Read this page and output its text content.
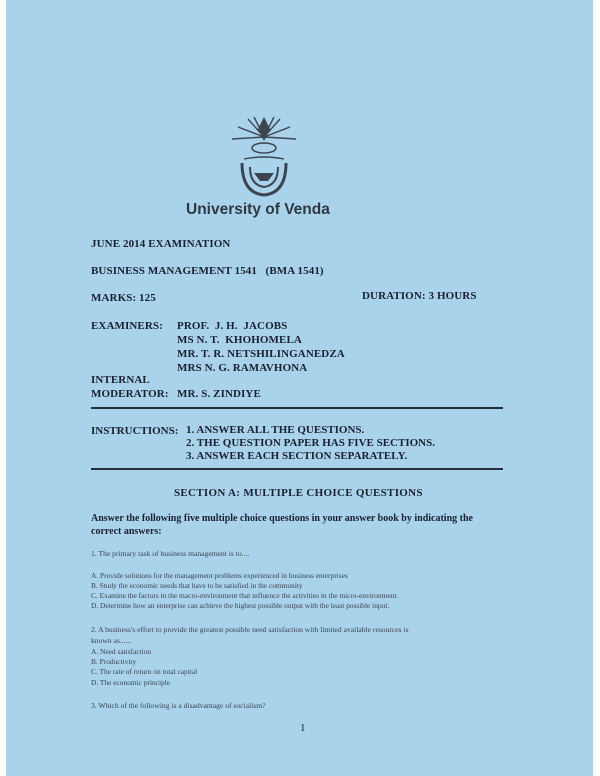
University of Venda
JUNE 2014 EXAMINATION
BUSINESS MANAGEMENT 1541   (BMA 1541)
MARKS: 125	DURATION: 3 HOURS
EXAMINERS: PROF.  J. H.  JACOBS
MS N. T.  KHOHOMELA
MR. T. R. NETSHILINGANEDZA
MRS N. G. RAMAVHONA
INTERNAL
MODERATOR: MR. S. ZINDIYE
INSTRUCTIONS: 1. ANSWER ALL THE QUESTIONS.
2. THE QUESTION PAPER HAS FIVE SECTIONS.
3. ANSWER EACH SECTION SEPARATELY.
SECTION A: MULTIPLE CHOICE QUESTIONS
Answer the following five multiple choice questions in your answer book by indicating the
correct answers:
1. The primary task of business management is to....
A. Provide solutions for the management problems experienced in business enterprises
B. Study the economic needs that have to be satisfied in the community
C. Examine the factors in the macro-environment that influence the activities in the micro-environment.
D. Determine how an enterprise can achieve the highest possible output with the least possible input.
2. A business's effort to provide the greatest possible need satisfaction with limited available resources is
known as......
A. Need satisfaction
B. Productivity
C. The rate of return on total capital
D. The economic principle
3. Which of the following is a disadvantage of socialism?
1
